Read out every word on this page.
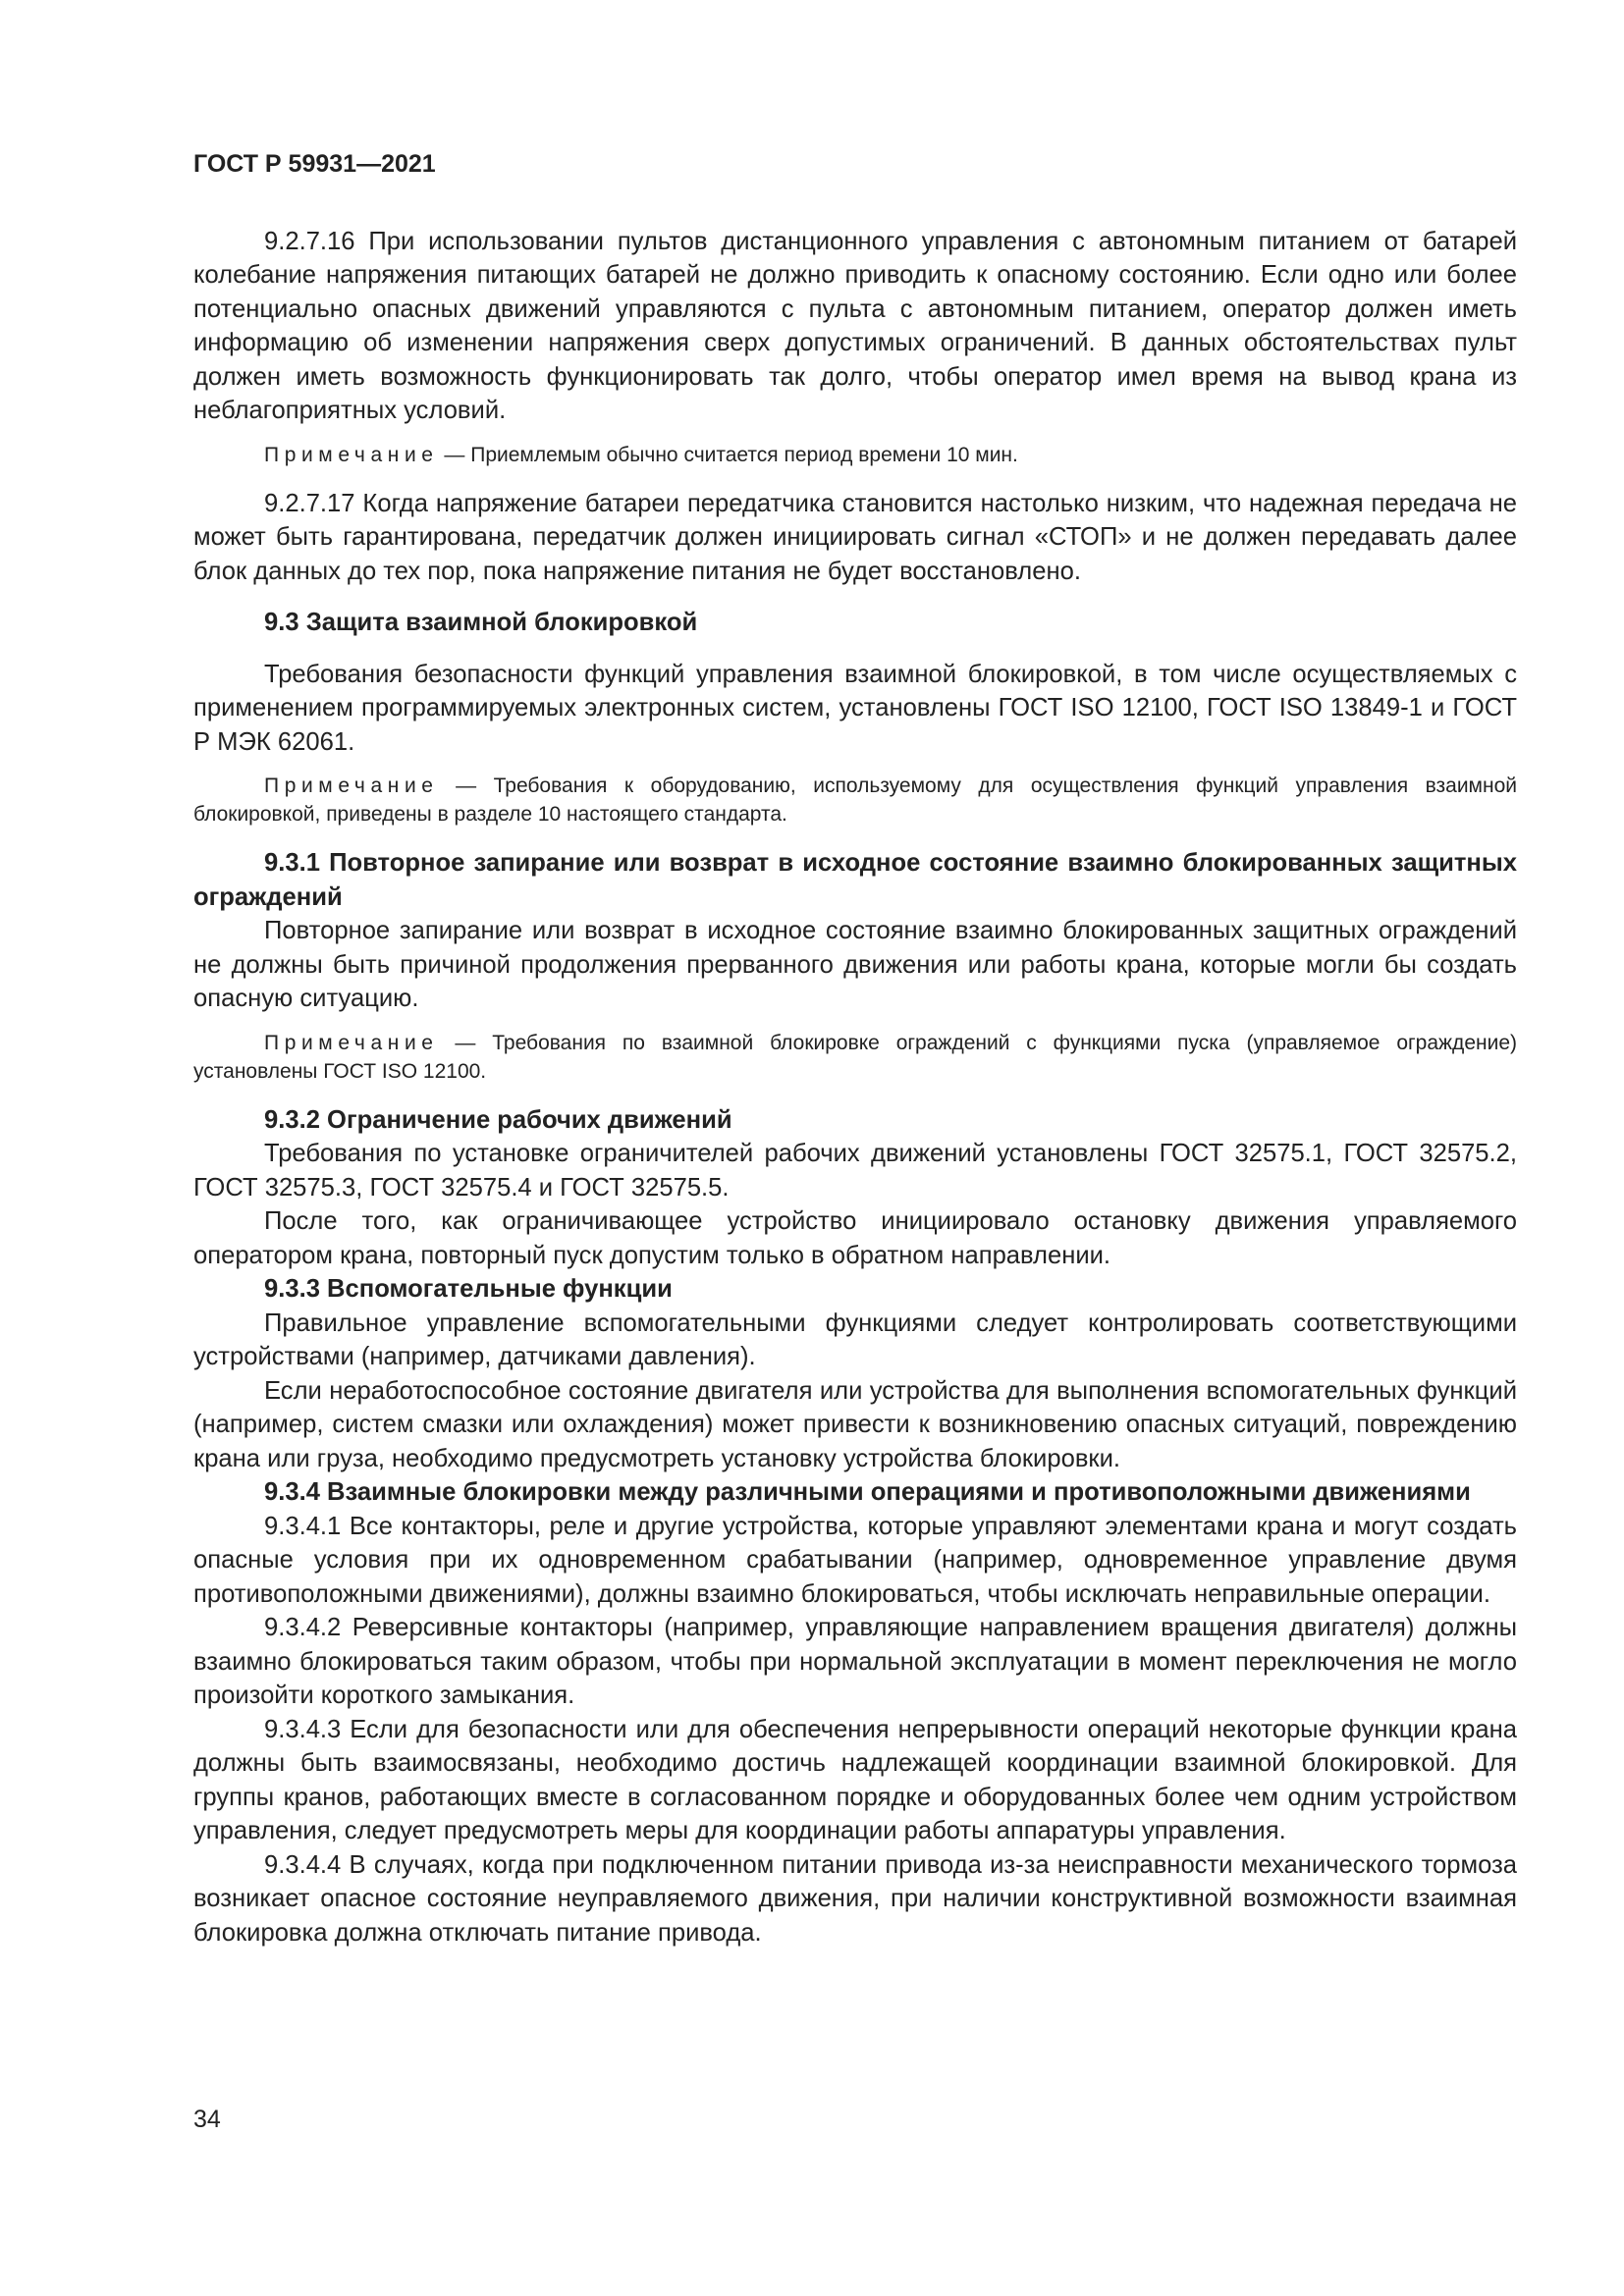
ГОСТ Р 59931—2021

9.2.7.16 При использовании пультов дистанционного управления с автономным питанием от батарей колебание напряжения питающих батарей не должно приводить к опасному состоянию. Если одно или более потенциально опасных движений управляются с пульта с автономным питанием, оператор должен иметь информацию об изменении напряжения сверх допустимых ограничений. В данных обстоятельствах пульт должен иметь возможность функционировать так долго, чтобы оператор имел время на вывод крана из неблагоприятных условий.

Примечание — Приемлемым обычно считается период времени 10 мин.

9.2.7.17 Когда напряжение батареи передатчика становится настолько низким, что надежная передача не может быть гарантирована, передатчик должен инициировать сигнал «СТОП» и не должен передавать далее блок данных до тех пор, пока напряжение питания не будет восстановлено.

9.3 Защита взаимной блокировкой

Требования безопасности функций управления взаимной блокировкой, в том числе осуществляемых с применением программируемых электронных систем, установлены ГОСТ ISO 12100, ГОСТ ISO 13849-1 и ГОСТ Р МЭК 62061.

Примечание — Требования к оборудованию, используемому для осуществления функций управления взаимной блокировкой, приведены в разделе 10 настоящего стандарта.

9.3.1 Повторное запирание или возврат в исходное состояние взаимно блокированных защитных ограждений

Повторное запирание или возврат в исходное состояние взаимно блокированных защитных ограждений не должны быть причиной продолжения прерванного движения или работы крана, которые могли бы создать опасную ситуацию.

Примечание — Требования по взаимной блокировке ограждений с функциями пуска (управляемое ограждение) установлены ГОСТ ISO 12100.

9.3.2 Ограничение рабочих движений

Требования по установке ограничителей рабочих движений установлены ГОСТ 32575.1, ГОСТ 32575.2, ГОСТ 32575.3, ГОСТ 32575.4 и ГОСТ 32575.5.

После того, как ограничивающее устройство инициировало остановку движения управляемого оператором крана, повторный пуск допустим только в обратном направлении.

9.3.3 Вспомогательные функции

Правильное управление вспомогательными функциями следует контролировать соответствующими устройствами (например, датчиками давления).

Если неработоспособное состояние двигателя или устройства для выполнения вспомогательных функций (например, систем смазки или охлаждения) может привести к возникновению опасных ситуаций, повреждению крана или груза, необходимо предусмотреть установку устройства блокировки.

9.3.4 Взаимные блокировки между различными операциями и противоположными движениями

9.3.4.1 Все контакторы, реле и другие устройства, которые управляют элементами крана и могут создать опасные условия при их одновременном срабатывании (например, одновременное управление двумя противоположными движениями), должны взаимно блокироваться, чтобы исключать неправильные операции.

9.3.4.2 Реверсивные контакторы (например, управляющие направлением вращения двигателя) должны взаимно блокироваться таким образом, чтобы при нормальной эксплуатации в момент переключения не могло произойти короткого замыкания.

9.3.4.3 Если для безопасности или для обеспечения непрерывности операций некоторые функции крана должны быть взаимосвязаны, необходимо достичь надлежащей координации взаимной блокировкой. Для группы кранов, работающих вместе в согласованном порядке и оборудованных более чем одним устройством управления, следует предусмотреть меры для координации работы аппаратуры управления.

9.3.4.4 В случаях, когда при подключенном питании привода из-за неисправности механического тормоза возникает опасное состояние неуправляемого движения, при наличии конструктивной возможности взаимная блокировка должна отключать питание привода.

34
